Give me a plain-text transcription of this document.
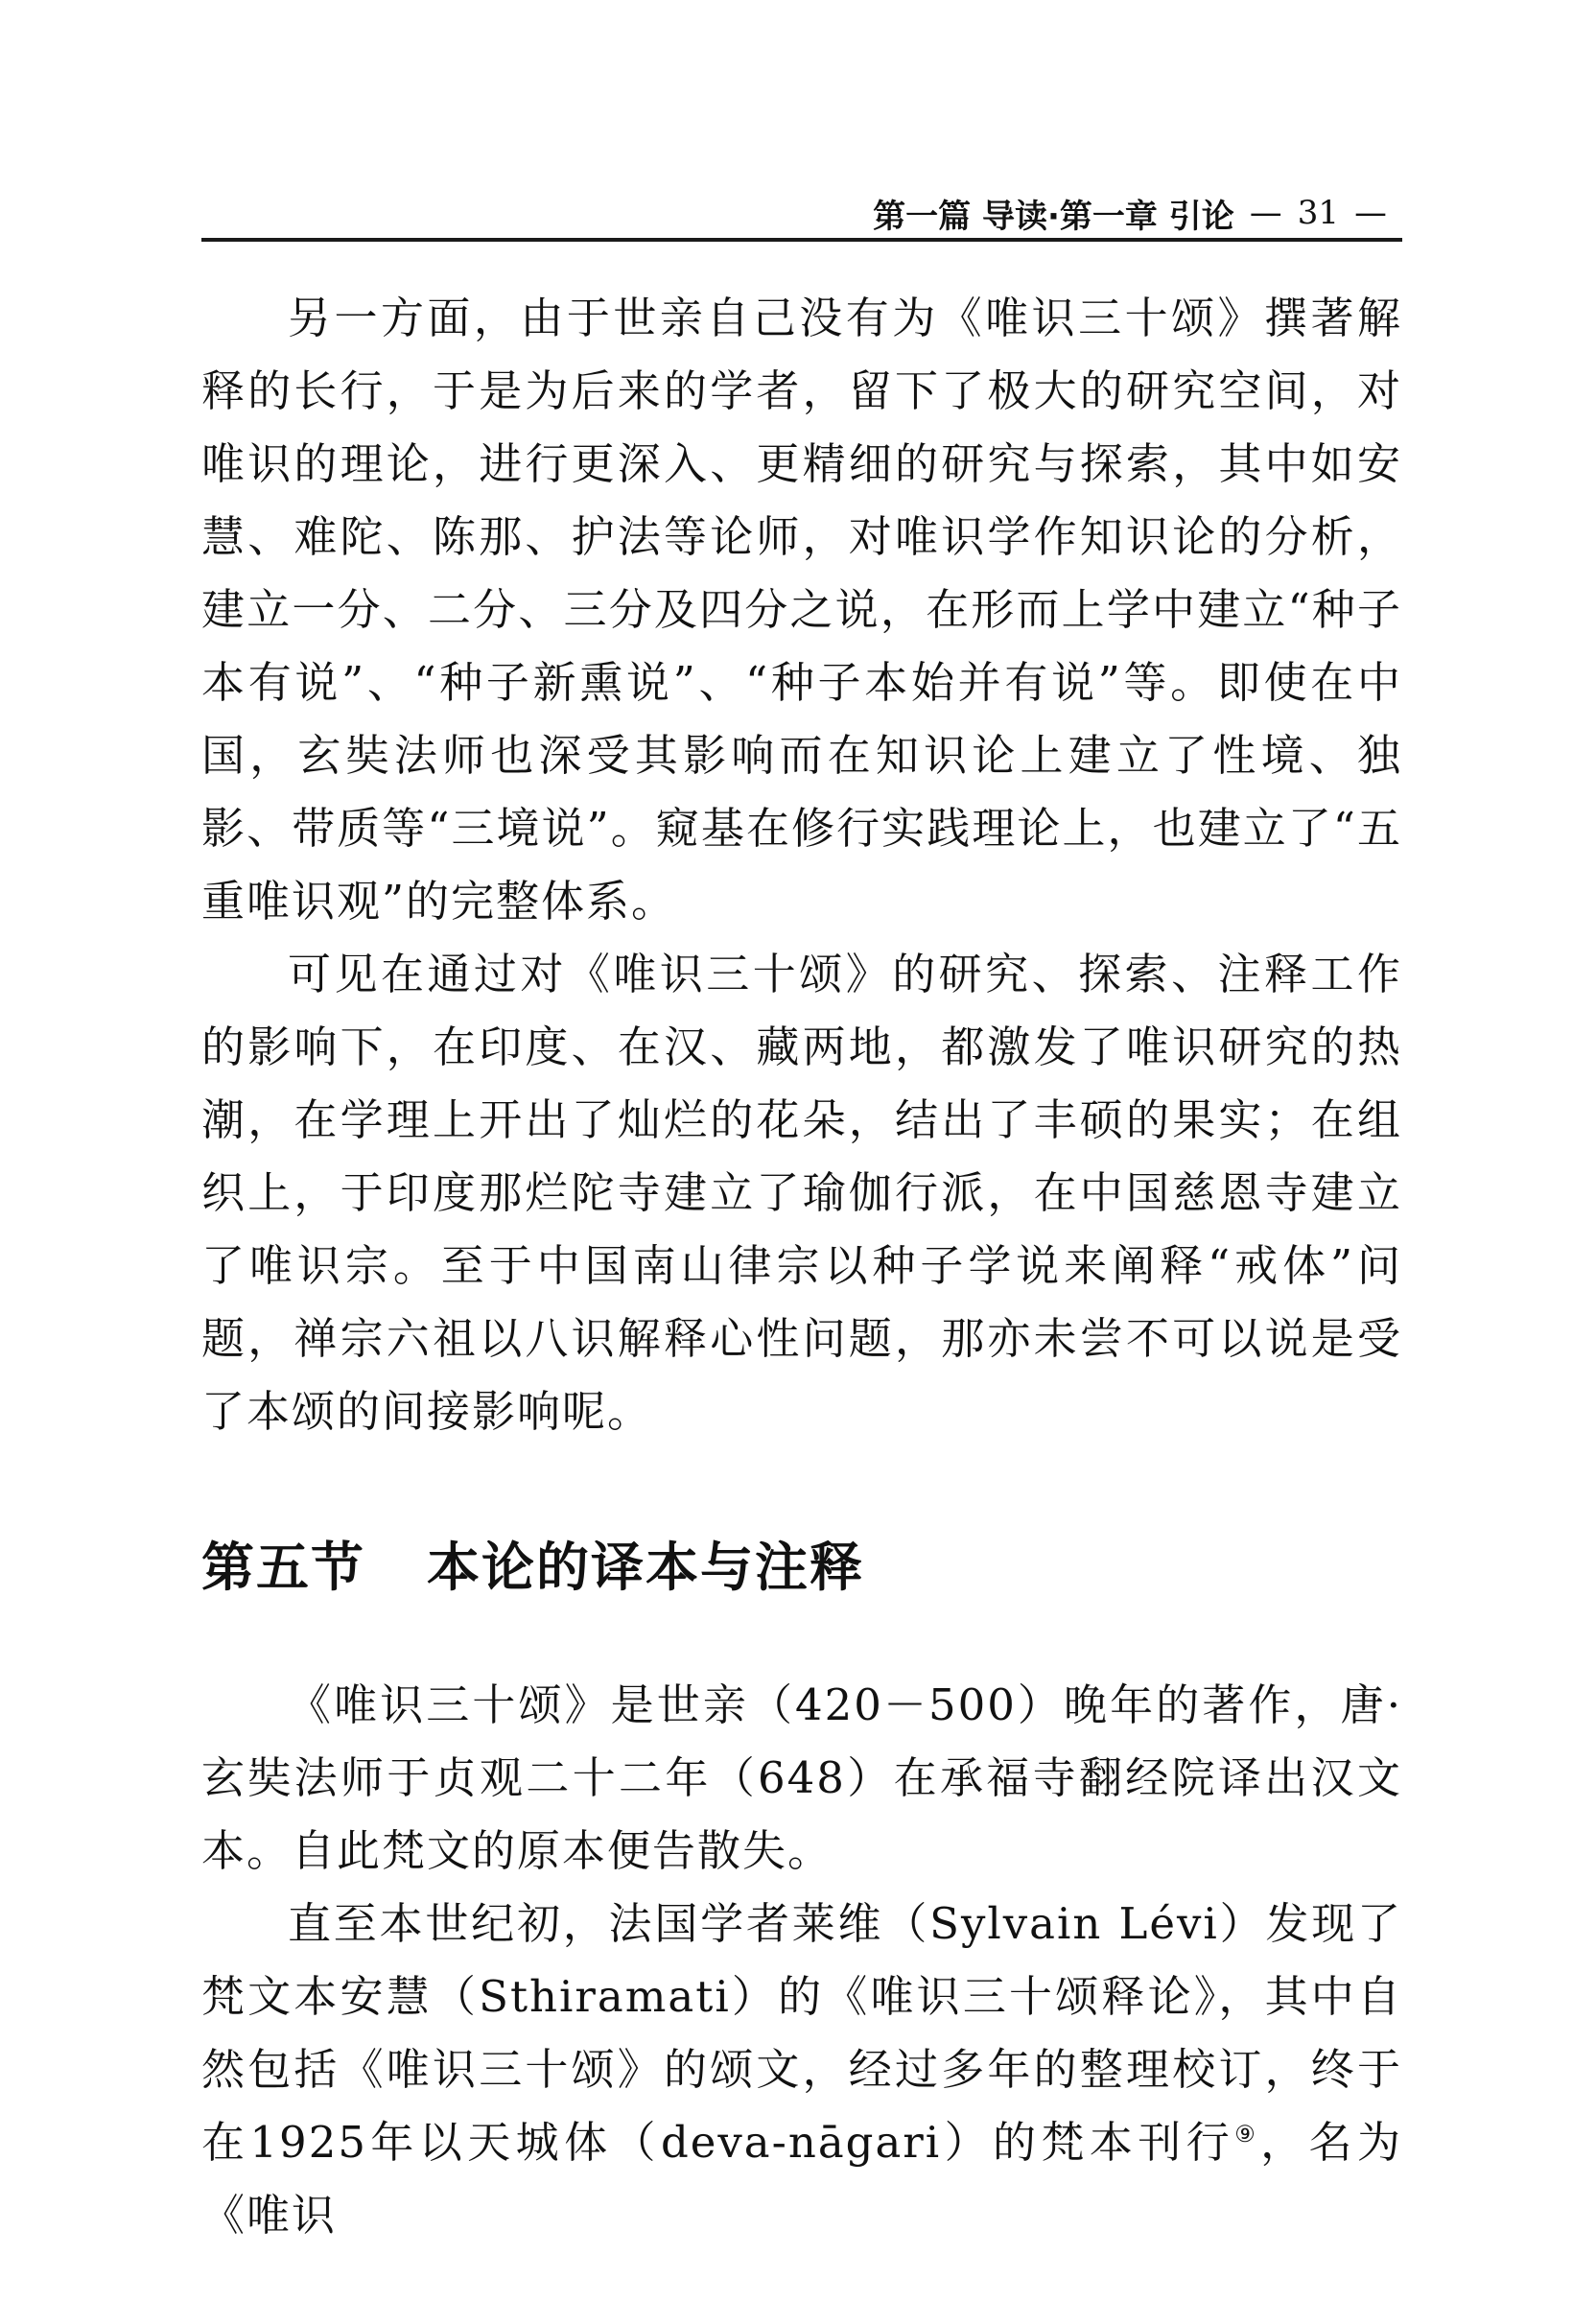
第一篇 导读·第一章 引论 — 31 —

另一方面，由于世亲自己没有为《唯识三十颂》撰著解释的长行，于是为后来的学者，留下了极大的研究空间，对唯识的理论，进行更深入、更精细的研究与探索，其中如安慧、难陀、陈那、护法等论师，对唯识学作知识论的分析，建立一分、二分、三分及四分之说，在形而上学中建立“种子本有说”、“种子新熏说”、“种子本始并有说”等。即使在中国，玄奘法师也深受其影响而在知识论上建立了性境、独影、带质等“三境说”。窥基在修行实践理论上，也建立了“五重唯识观”的完整体系。

可见在通过对《唯识三十颂》的研究、探索、注释工作的影响下，在印度、在汉、藏两地，都激发了唯识研究的热潮，在学理上开出了灿烂的花朵，结出了丰硕的果实；在组织上，于印度那烂陀寺建立了瑜伽行派，在中国慈恩寺建立了唯识宗。至于中国南山律宗以种子学说来阐释“戒体”问题，禅宗六祖以八识解释心性问题，那亦未尝不可以说是受了本颂的间接影响呢。

第五节 本论的译本与注释

《唯识三十颂》是世亲（420－500）晚年的著作，唐·玄奘法师于贞观二十二年（648）在承福寺翻经院译出汉文本。自此梵文的原本便告散失。

直至本世纪初，法国学者莱维（Sylvain Lévi）发现了梵文本安慧（Sthiramati）的《唯识三十颂释论》，其中自然包括《唯识三十颂》的颂文，经过多年的整理校订，终于在1925年以天城体（deva-nāgari）的梵本刊行⑨，名为《唯识
